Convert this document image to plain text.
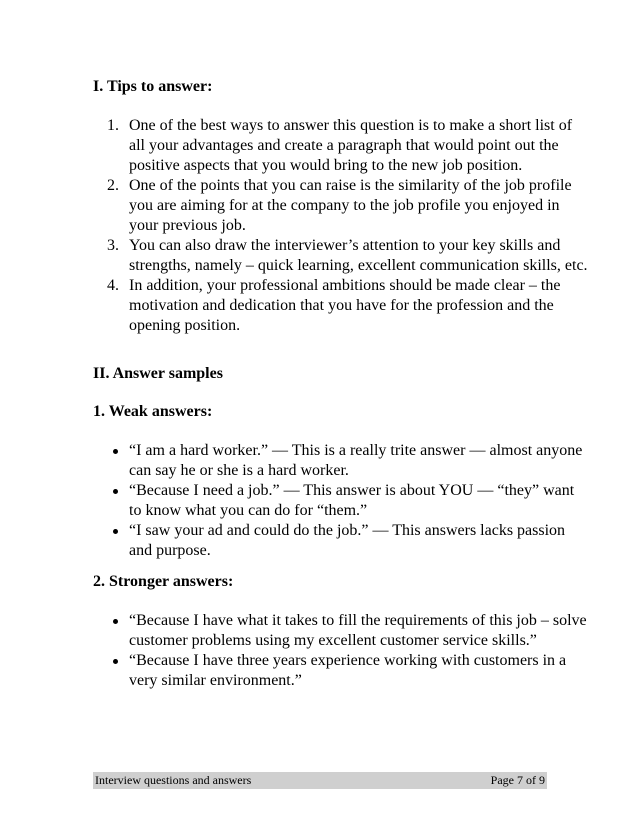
I. Tips to answer:
1. One of the best ways to answer this question is to make a short list of all your advantages and create a paragraph that would point out the positive aspects that you would bring to the new job position.
2. One of the points that you can raise is the similarity of the job profile you are aiming for at the company to the job profile you enjoyed in your previous job.
3. You can also draw the interviewer’s attention to your key skills and strengths, namely – quick learning, excellent communication skills, etc.
4. In addition, your professional ambitions should be made clear – the motivation and dedication that you have for the profession and the opening position.
II. Answer samples
1. Weak answers:
“I am a hard worker.” — This is a really trite answer — almost anyone can say he or she is a hard worker.
“Because I need a job.” — This answer is about YOU — “they” want to know what you can do for “them.”
“I saw your ad and could do the job.” — This answers lacks passion and purpose.
2. Stronger answers:
“Because I have what it takes to fill the requirements of this job – solve customer problems using my excellent customer service skills.”
“Because I have three years experience working with customers in a very similar environment.”
Interview questions and answers	Page 7 of 9
